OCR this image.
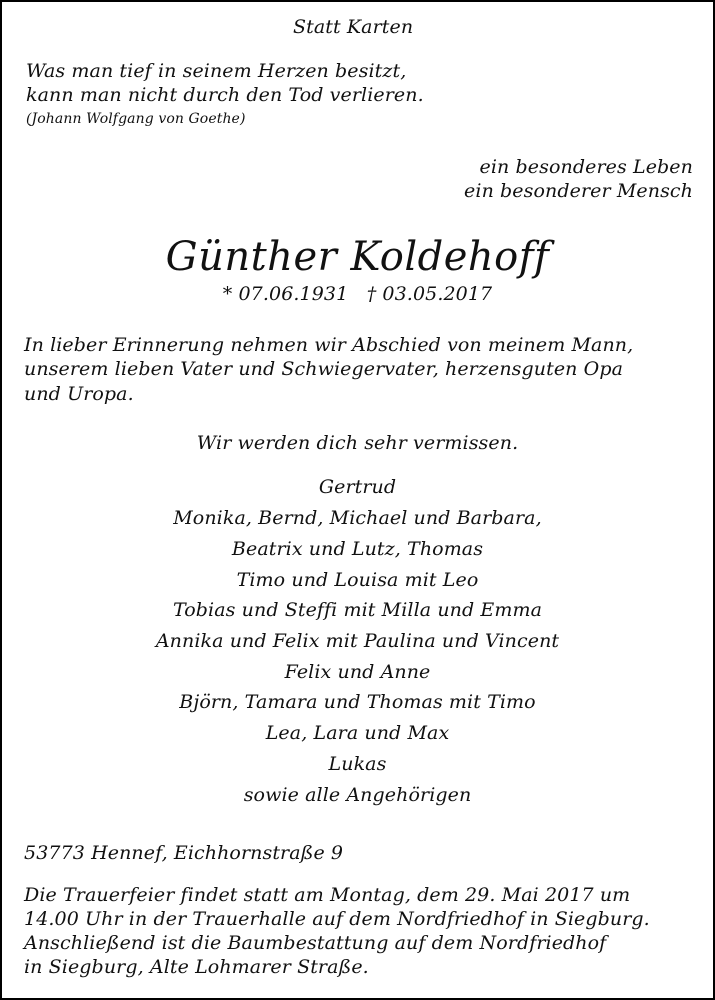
Statt Karten
Was man tief in seinem Herzen besitzt,
kann man nicht durch den Tod verlieren.
(Johann Wolfgang von Goethe)
ein besonderes Leben
ein besonderer Mensch
Günther Koldehoff
* 07.06.1931   † 03.05.2017
In lieber Erinnerung nehmen wir Abschied von meinem Mann,
unserem lieben Vater und Schwiegervater, herzensguten Opa
und Uropa.
Wir werden dich sehr vermissen.
Gertrud
Monika, Bernd, Michael und Barbara,
Beatrix und Lutz, Thomas
Timo und Louisa mit Leo
Tobias und Steffi mit Milla und Emma
Annika und Felix mit Paulina und Vincent
Felix und Anne
Björn, Tamara und Thomas mit Timo
Lea, Lara und Max
Lukas
sowie alle Angehörigen
53773 Hennef, Eichhornstraße 9
Die Trauerfeier findet statt am Montag, dem 29. Mai 2017 um
14.00 Uhr in der Trauerhalle auf dem Nordfriedhof in Siegburg.
Anschließend ist die Baumbestattung auf dem Nordfriedhof
in Siegburg, Alte Lohmarer Straße.
